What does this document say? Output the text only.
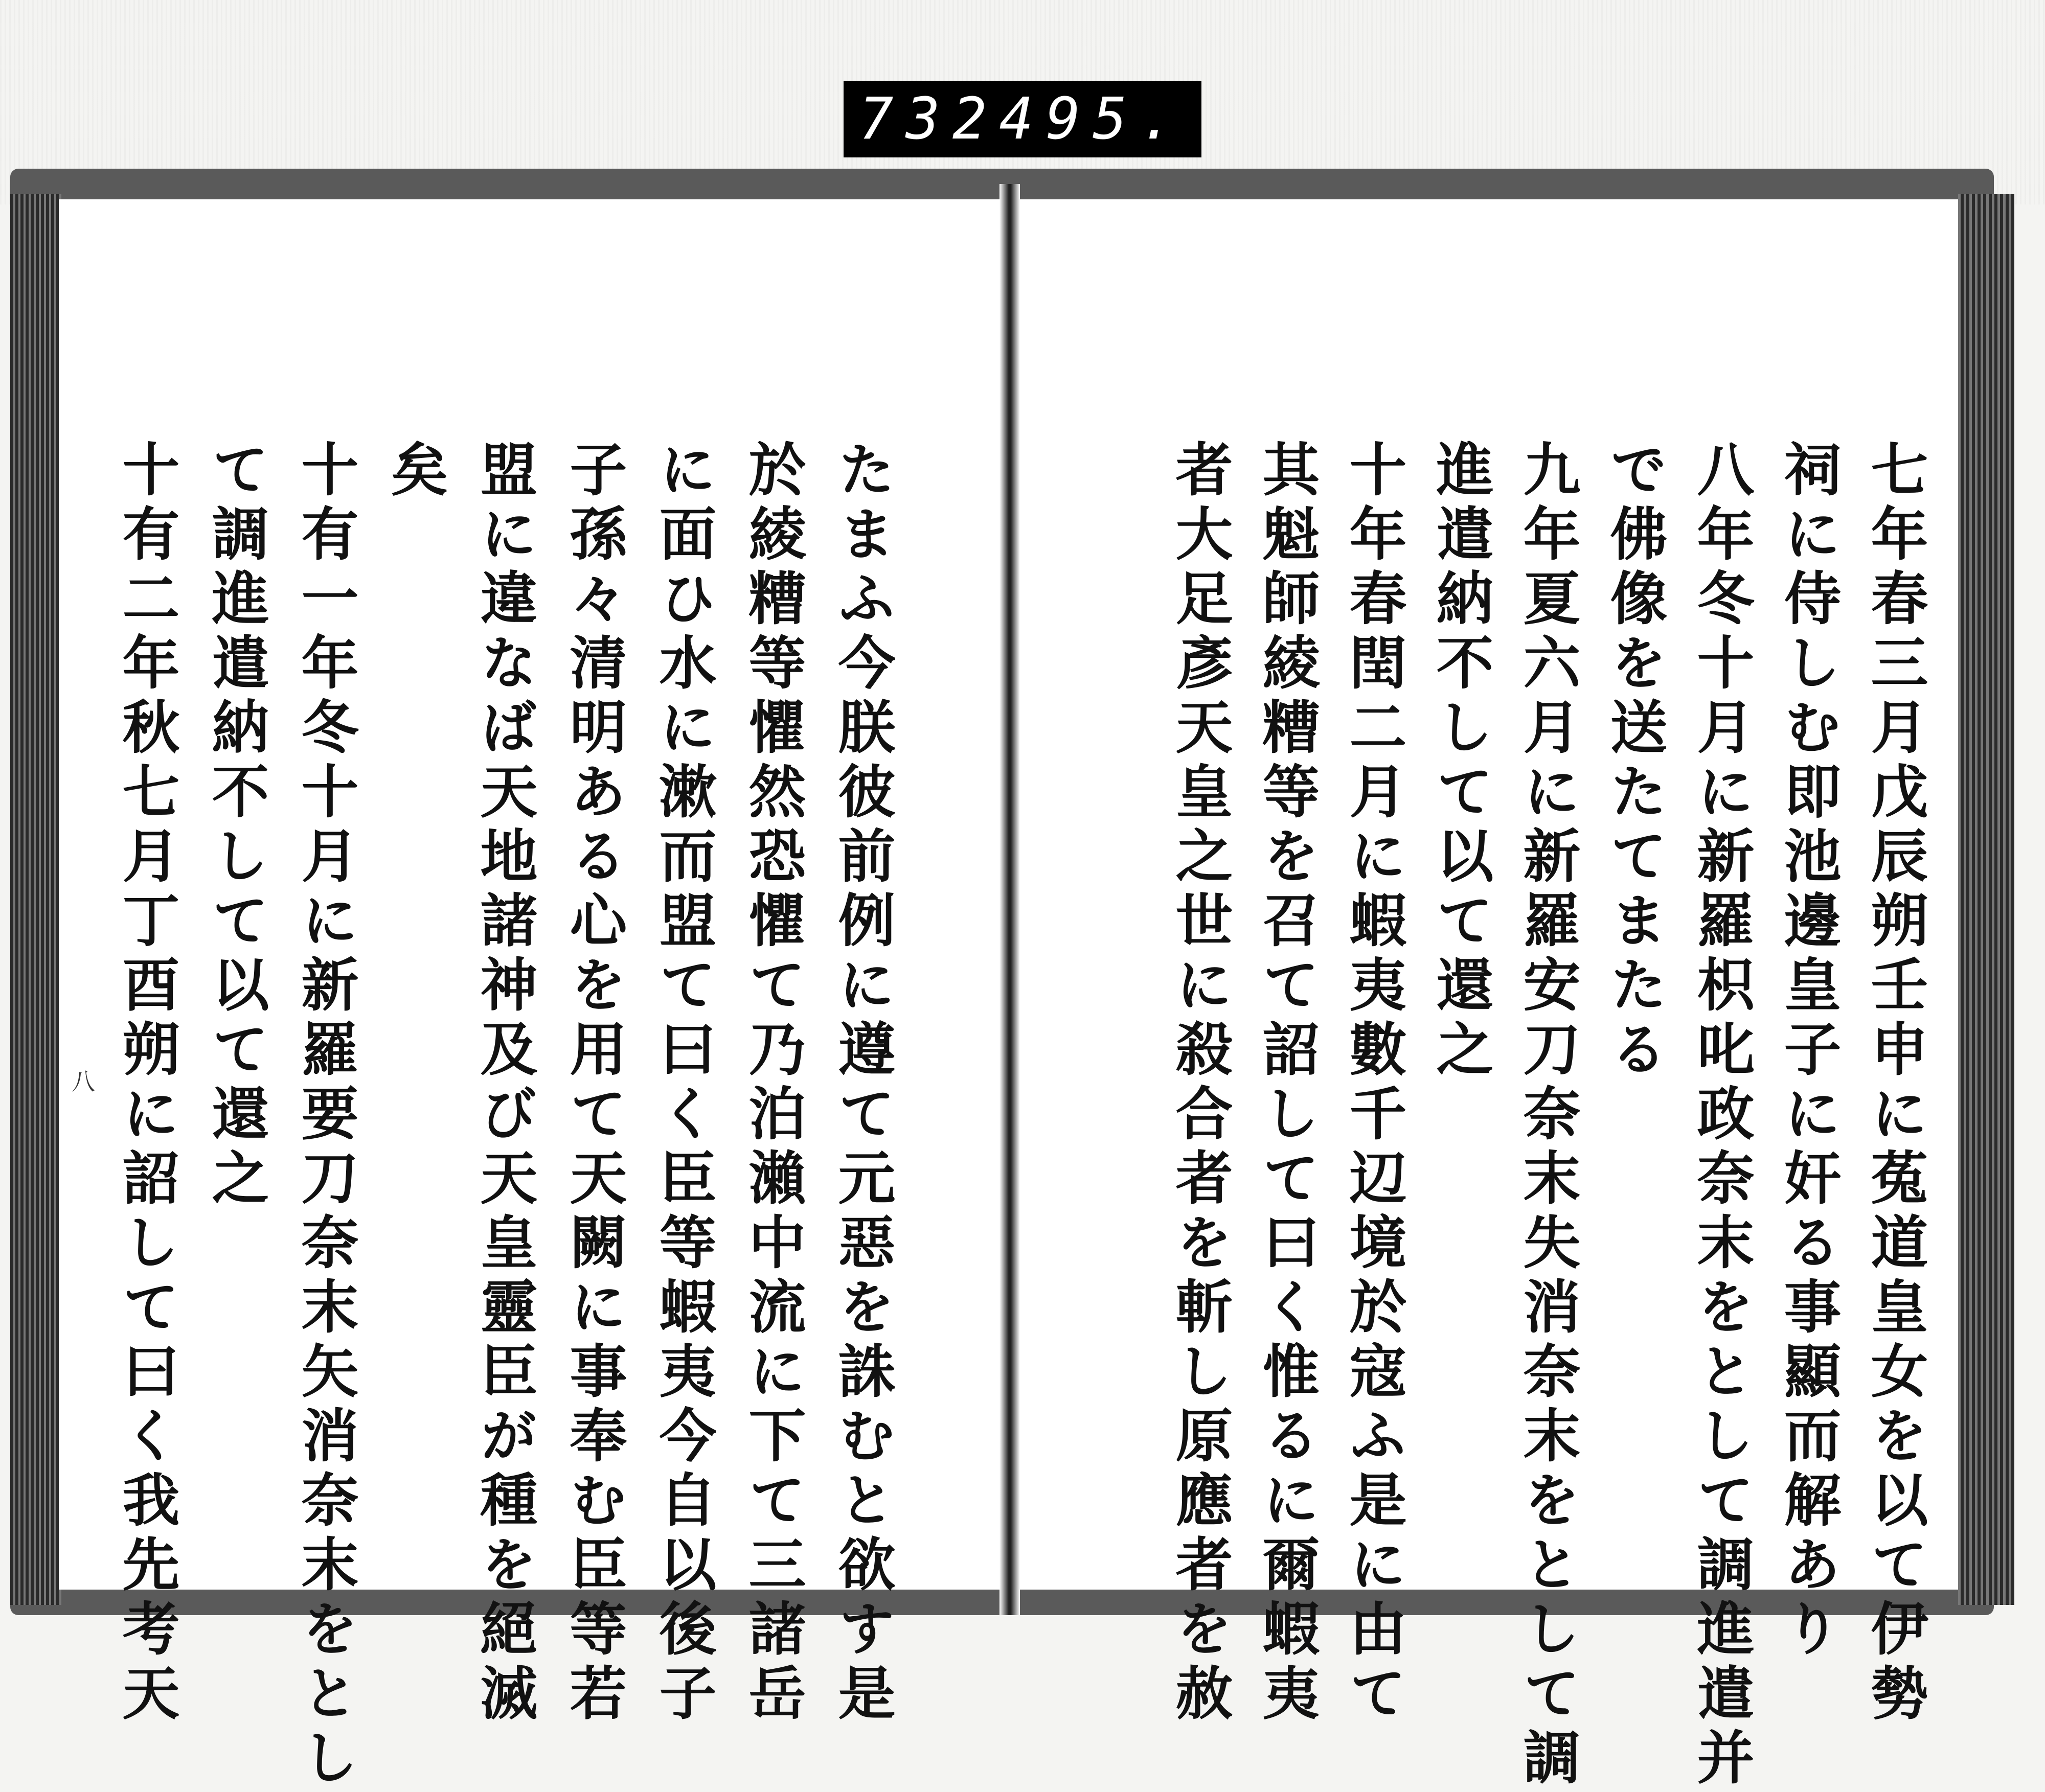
732 495.
たまふ今朕彼前例に遵て元惡を誅むと欲す是
於綾糟等懼然恐懼て乃泊瀨中流に下て三諸岳
に面ひ水に漱而盟て曰く臣等蝦夷今自以後子
子孫々清明ある心を用て天闕に事奉む臣等若
盟に違なば天地諸神及び天皇靈臣が種を絕滅
矣
十有一年冬十月に新羅要刀奈末矢消奈末をとし
て調進遣納不して以て還之
十有二年秋七月丁酉朔に詔して曰く我先考天
八	七年春三月戊辰朔壬申に菟道皇女を以て伊勢
祠に侍しむ即池邊皇子に奸る事顯而解あり
八年冬十月に新羅枳叱政奈末をとして調進遣并
で佛像を送たてまたる
九年夏六月に新羅安刀奈末失消奈末をとして調
進遣納不して以て還之
十年春閏二月に蝦夷數千辺境於寇ふ是に由て
其魁師綾糟等を召て詔して曰く惟るに爾蝦夷
者大足彥天皇之世に殺合者を斬し原應者を赦
